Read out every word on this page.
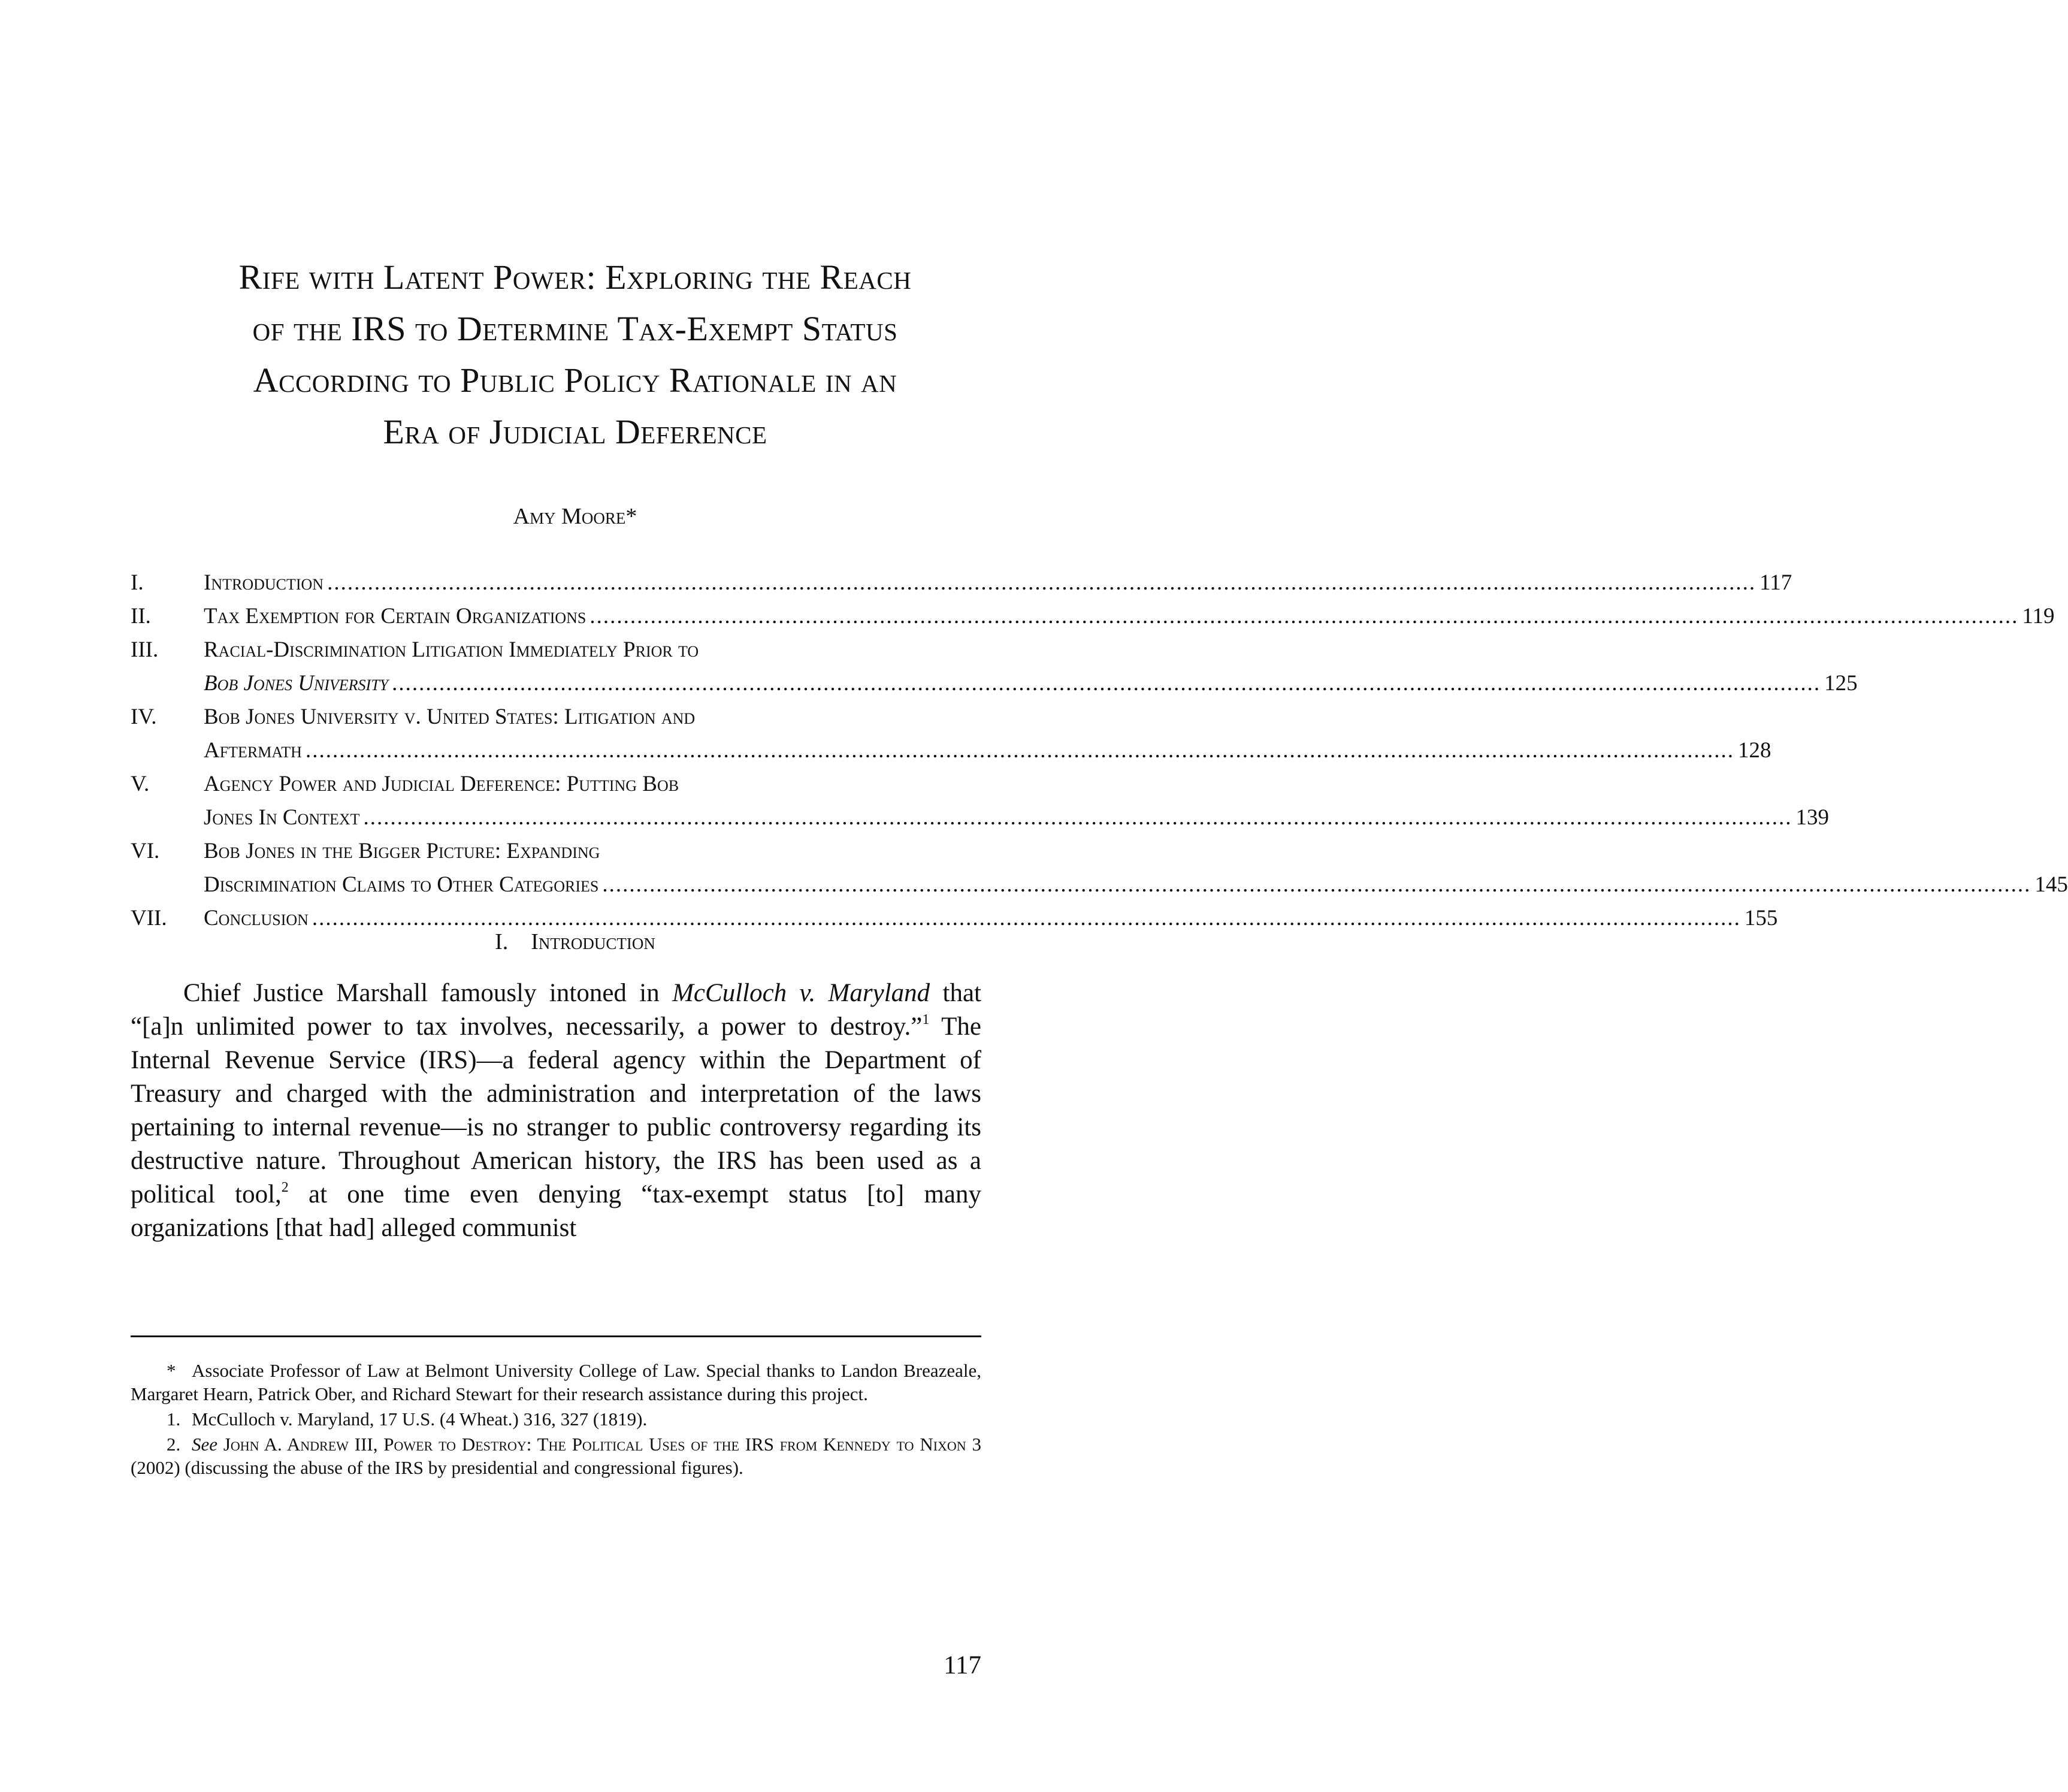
Rife with Latent Power: Exploring the Reach
of the IRS to Determine Tax-Exempt Status
According to Public Policy Rationale in an
Era of Judicial Deference
Amy Moore*
I.	Introduction .....	117
II.	Tax Exemption for Certain Organizations .....	119
III.	Racial-Discrimination Litigation Immediately Prior to
Bob Jones University .....	125
IV.	Bob Jones University v. United States: Litigation and
Aftermath .....	128
V.	Agency Power and Judicial Deference: Putting Bob
Jones In Context .....	139
VI.	Bob Jones in the Bigger Picture: Expanding
Discrimination Claims to Other Categories .....	145
VII.	Conclusion .....	155
I. Introduction

Chief Justice Marshall famously intoned in McCulloch v. Maryland that “[a]n unlimited power to tax involves, necessarily, a power to destroy.”$^1$ The Internal Revenue Service (IRS)—a federal agency within the Department of Treasury and charged with the administration and interpretation of the laws pertaining to internal revenue—is no stranger to public controversy regarding its destructive nature. Throughout American history, the IRS has been used as a political tool,$^2$ at one time even denying “tax-exempt status [to] many organizations [that had] alleged communist

* Associate Professor of Law at Belmont University College of Law. Special thanks to Landon Breazeale, Margaret Hearn, Patrick Ober, and Richard Stewart for their research assistance during this project.

1. McCulloch v. Maryland, 17 U.S. (4 Wheat.) 316, 327 (1819).

2. See John A. Andrew III, Power to Destroy: The Political Uses of the IRS from Kennedy to Nixon 3 (2002) (discussing the abuse of the IRS by presidential and congressional figures).

117
